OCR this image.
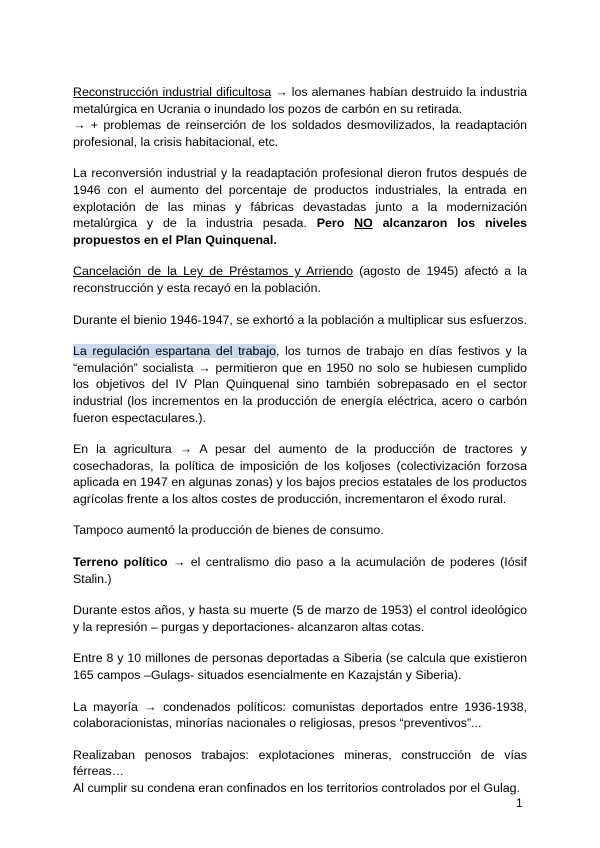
Reconstrucción industrial dificultosa → los alemanes habían destruido la industria metalúrgica en Ucrania o inundado los pozos de carbón en su retirada.
→ + problemas de reinserción de los soldados desmovilizados, la readaptación profesional, la crisis habitacional, etc.

La reconversión industrial y la readaptación profesional dieron frutos después de 1946 con el aumento del porcentaje de productos industriales, la entrada en explotación de las minas y fábricas devastadas junto a la modernización metalúrgica y de la industria pesada. Pero NO alcanzaron los niveles propuestos en el Plan Quinquenal.

Cancelación de la Ley de Préstamos y Arriendo (agosto de 1945) afectó a la reconstrucción y esta recayó en la población.

Durante el bienio 1946-1947, se exhortó a la población a multiplicar sus esfuerzos.

La regulación espartana del trabajo, los turnos de trabajo en días festivos y la “emulación” socialista → permitieron que en 1950 no solo se hubiesen cumplido los objetivos del IV Plan Quinquenal sino también sobrepasado en el sector industrial (los incrementos en la producción de energía eléctrica, acero o carbón fueron espectaculares.).

En la agricultura → A pesar del aumento de la producción de tractores y cosechadoras, la política de imposición de los koljoses (colectivización forzosa aplicada en 1947 en algunas zonas) y los bajos precios estatales de los productos agrícolas frente a los altos costes de producción, incrementaron el éxodo rural.

Tampoco aumentó la producción de bienes de consumo.

Terreno político → el centralismo dio paso a la acumulación de poderes (Iósif Stalin.)

Durante estos años, y hasta su muerte (5 de marzo de 1953) el control ideológico y la represión – purgas y deportaciones- alcanzaron altas cotas.

Entre 8 y 10 millones de personas deportadas a Siberia (se calcula que existieron 165 campos –Gulags- situados esencialmente en Kazajstán y Siberia).

La mayoría → condenados políticos: comunistas deportados entre 1936-1938, colaboracionistas, minorías nacionales o religiosas, presos “preventivos”...

Realizaban penosos trabajos: explotaciones mineras, construcción de vías férreas…
Al cumplir su condena eran confinados en los territorios controlados por el Gulag.

1
